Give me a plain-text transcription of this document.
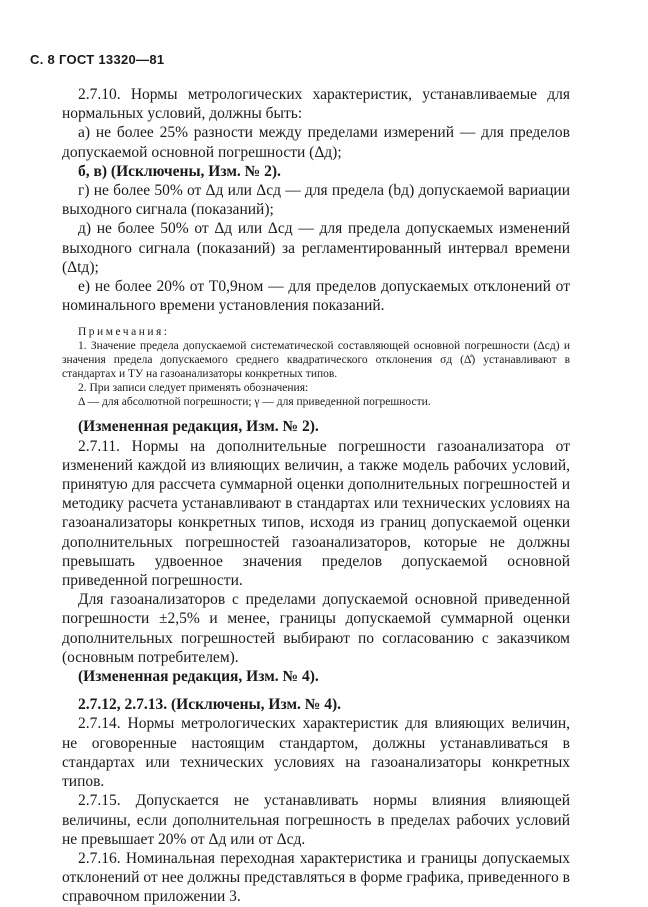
С. 8 ГОСТ 13320—81

2.7.10. Нормы метрологических характеристик, устанавливаемые для нормальных условий, должны быть:

а) не более 25% разности между пределами измерений — для пределов допускаемой основной погрешности (Δд);

б, в) (Исключены, Изм. № 2).

г) не более 50% от Δд или Δсд — для предела (bд) допускаемой вариации выходного сигнала (показаний);

д) не более 50% от Δд или Δсд — для предела допускаемых изменений выходного сигнала (показаний) за регламентированный интервал времени (Δtд);

е) не более 20% от T0,9ном — для пределов допускаемых отклонений от номинального времени установления показаний.

Примечания:

1. Значение предела допускаемой систематической составляющей основной погрешности (Δсд) и значения предела допускаемого среднего квадратического отклонения σд (Δ̊) устанавливают в стандартах и ТУ на газоанализаторы конкретных типов.

2. При записи следует применять обозначения:

Δ — для абсолютной погрешности; γ — для приведенной погрешности.

(Измененная редакция, Изм. № 2).

2.7.11. Нормы на дополнительные погрешности газоанализатора от изменений каждой из влияющих величин, а также модель рабочих условий, принятую для рассчета суммарной оценки дополнительных погрешностей и методику расчета устанавливают в стандартах или технических условиях на газоанализаторы конкретных типов, исходя из границ допускаемой оценки дополнительных погрешностей газоанализаторов, которые не должны превышать удвоенное значения пределов допускаемой основной приведенной погрешности.

Для газоанализаторов с пределами допускаемой основной приведенной погрешности ±2,5% и менее, границы допускаемой суммарной оценки дополнительных погрешностей выбирают по согласованию с заказчиком (основным потребителем).

(Измененная редакция, Изм. № 4).

2.7.12, 2.7.13. (Исключены, Изм. № 4).

2.7.14. Нормы метрологических характеристик для влияющих величин, не оговоренные настоящим стандартом, должны устанавливаться в стандартах или технических условиях на газоанализаторы конкретных типов.

2.7.15. Допускается не устанавливать нормы влияния влияющей величины, если дополнительная погрешность в пределах рабочих условий не превышает 20% от Δд или от Δсд.

2.7.16. Номинальная переходная характеристика и границы допускаемых отклонений от нее должны представляться в форме графика, приведенного в справочном приложении 3.
